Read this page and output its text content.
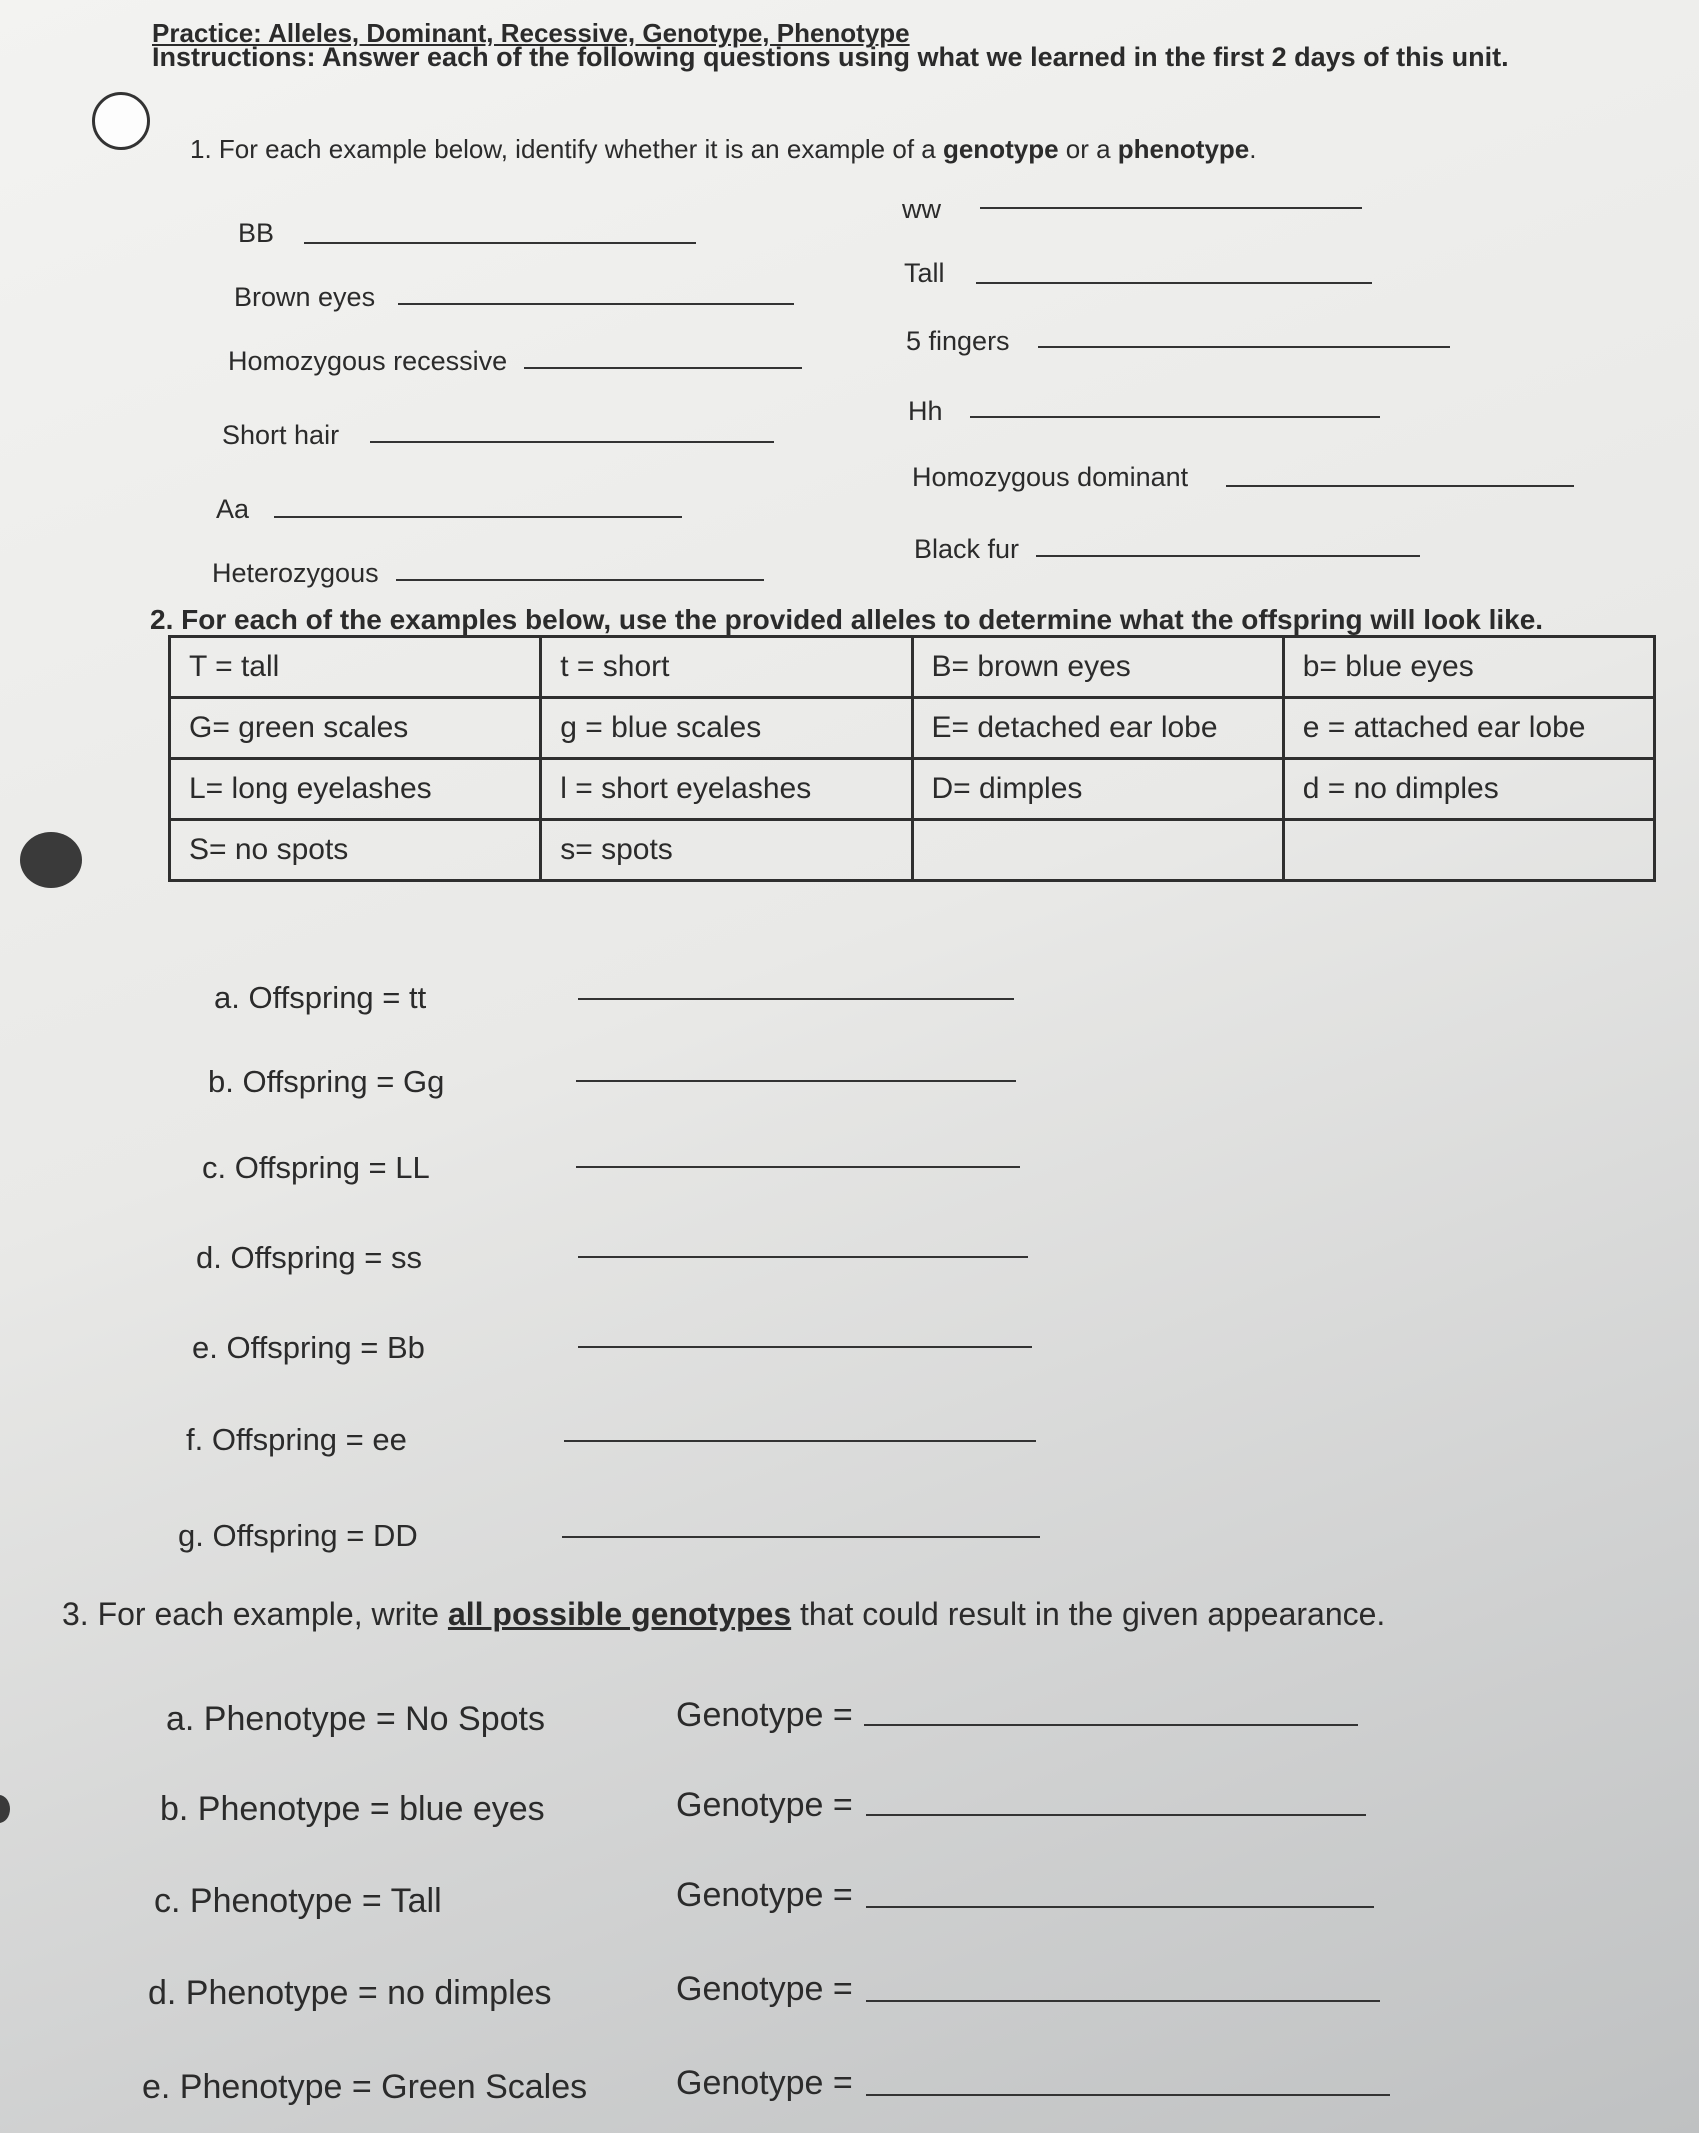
Practice: Alleles, Dominant, Recessive, Genotype, Phenotype
Instructions: Answer each of the following questions using what we learned in the first 2 days of this unit.
1. For each example below, identify whether it is an example of a genotype or a phenotype.
BB
Brown eyes
Homozygous recessive
Short hair
Aa
Heterozygous
ww
Tall
5 fingers
Hh
Homozygous dominant
Black fur
2. For each of the examples below, use the provided alleles to determine what the offspring will look like.
T = tall	t = short	B= brown eyes	b= blue eyes
G= green scales	g = blue scales	E= detached ear lobe	e = attached ear lobe
L= long eyelashes	l = short eyelashes	D= dimples	d = no dimples
S= no spots	s= spots		
a. Offspring = tt
b. Offspring = Gg
c. Offspring = LL
d. Offspring = ss
e. Offspring = Bb
f. Offspring = ee
g. Offspring = DD
3. For each example, write all possible genotypes that could result in the given appearance.
a. Phenotype = No Spots	Genotype =
b. Phenotype = blue eyes	Genotype =
c. Phenotype = Tall	Genotype =
d. Phenotype = no dimples	Genotype =
e. Phenotype = Green Scales	Genotype =
